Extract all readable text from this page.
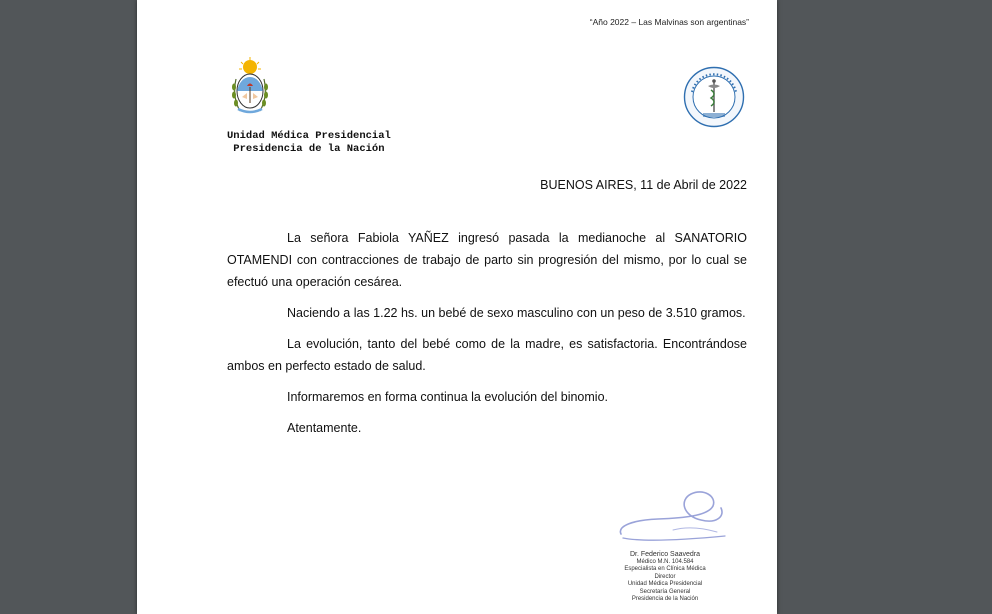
“Año 2022 – Las Malvinas son argentinas”
Unidad Médica Presidencial
Presidencia de la Nación
BUENOS AIRES, 11 de Abril de 2022

La señora Fabiola YAÑEZ ingresó pasada la medianoche al SANATORIO OTAMENDI con contracciones de trabajo de parto sin progresión del mismo, por lo cual se efectuó una operación cesárea.

Naciendo a las 1.22 hs. un bebé de sexo masculino con un peso de 3.510 gramos.

La evolución, tanto del bebé como de la madre, es satisfactoria. Encontrándose ambos en perfecto estado de salud.

Informaremos en forma continua la evolución del binomio.

Atentamente.

Dr. Federico Saavedra
Médico M.N. 104.584
Especialista en Clínica Médica
Director
Unidad Médica Presidencial
Secretaría General
Presidencia de la Nación
